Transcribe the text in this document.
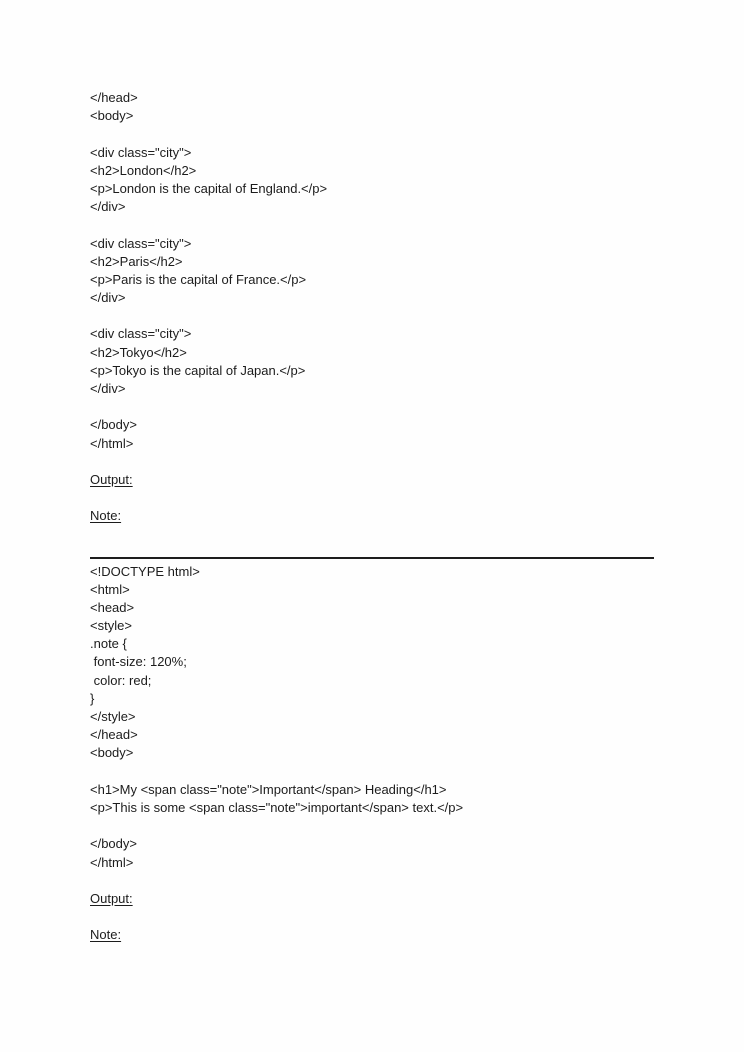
</head>
<body>
<div class="city">
<h2>London</h2>
<p>London is the capital of England.</p>
</div>
<div class="city">
<h2>Paris</h2>
<p>Paris is the capital of France.</p>
</div>
<div class="city">
<h2>Tokyo</h2>
<p>Tokyo is the capital of Japan.</p>
</div>
</body>
</html>
Output:
Note:
<!DOCTYPE html>
<html>
<head>
<style>
.note {
font-size: 120%;
color: red;
}
</style>
</head>
<body>
<h1>My <span class="note">Important</span> Heading</h1>
<p>This is some <span class="note">important</span> text.</p>
</body>
</html>
Output:
Note:
